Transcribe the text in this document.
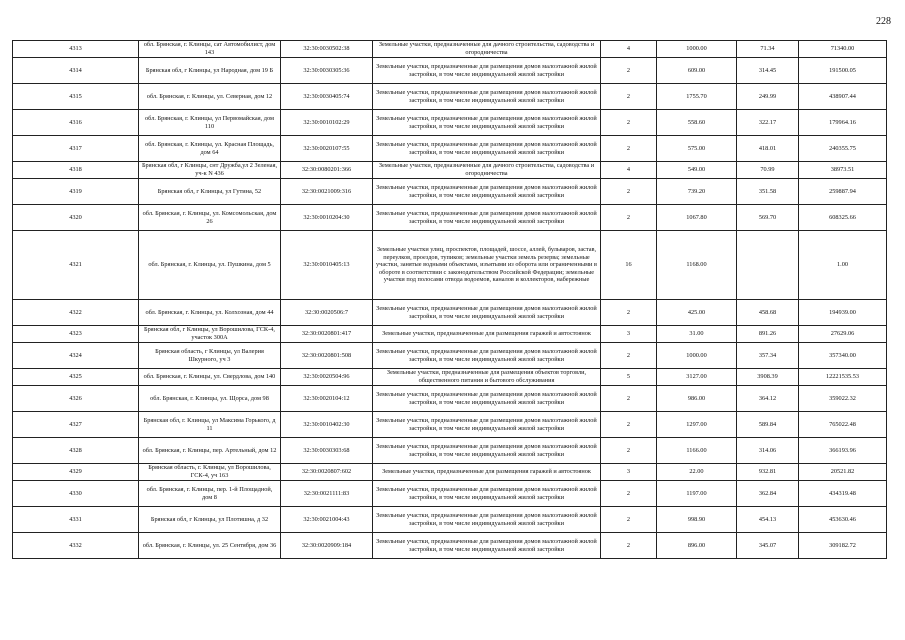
228
4313	обл. Брянская, г. Клинцы, сат Автомобилист, дом 143	32:30:0030502:38	Земельные участки, предназначенные для дачного строительства, садоводства и огородничества	4	1000.00	71.34	71340.00
4314	Брянская обл, г Клинцы, ул Народная, дом 19 Б	32:30:0030305:36	Земельные участки, предназначенные для размещения домов малоэтажной жилой застройки, в том числе индивидуальной жилой застройки	2	609.00	314.45	191500.05
4315	обл. Брянская, г. Клинцы, ул. Северная, дом 12	32:30:0030405:74	Земельные участки, предназначенные для размещения домов малоэтажной жилой застройки, в том числе индивидуальной жилой застройки	2	1755.70	249.99	438907.44
4316	обл. Брянская, г. Клинцы, ул Первомайская, дом 110	32:30:0010102:29	Земельные участки, предназначенные для размещения домов малоэтажной жилой застройки, в том числе индивидуальной жилой застройки	2	558.60	322.17	179964.16
4317	обл. Брянская, г. Клинцы, ул. Красная Площадь, дом 64	32:30:0020107:55	Земельные участки, предназначенные для размещения домов малоэтажной жилой застройки, в том числе индивидуальной жилой застройки	2	575.00	418.01	240355.75
4318	Брянская обл, г Клинцы, снт Дружба,ул 2 Зеленая, уч-к N 436	32:30:0080201:366	Земельные участки, предназначенные для дачного строительства, садоводства и огородничества	4	549.00	70.99	38973.51
4319	Брянская обл, г Клинцы, ул Гутина, 52	32:30:0021009:316	Земельные участки, предназначенные для размещения домов малоэтажной жилой застройки, в том числе индивидуальной жилой застройки	2	739.20	351.58	259887.94
4320	обл. Брянская, г. Клинцы, ул. Комсомольская, дом 26	32:30:0010204:30	Земельные участки, предназначенные для размещения домов малоэтажной жилой застройки, в том числе индивидуальной жилой застройки	2	1067.80	569.70	608325.66
4321	обл. Брянская, г. Клинцы, ул. Пушкина, дом 5	32:30:0010405:13	Земельные участки улиц, проспектов, площадей, шоссе, аллей, бульваров, застав, переулков, проездов, тупиков; земельные участки земель резерва; земельные участки, занятые водными объектами, изъятыми из оборота или ограниченными в обороте в соответствии с законодательством Российской Федерации; земельные участки под полосами отвода водоемов, каналов и коллекторов, набережные	16	1168.00		1.00
4322	обл. Брянская, г. Клинцы, ул. Колхозная, дом 44	32:30:0020506:7	Земельные участки, предназначенные для размещения домов малоэтажной жилой застройки, в том числе индивидуальной жилой застройки	2	425.00	458.68	194939.00
4323	Брянская обл, г Клинцы, ул Ворошилова, ГСК-4, участок 300А	32:30:0020801:417	Земельные участки, предназначенные для размещения гаражей и автостоянок	3	31.00	891.26	27629.06
4324	Брянская область, г Клинцы, ул Валерия Шкурного, уч 3	32:30:0020801:508	Земельные участки, предназначенные для размещения домов малоэтажной жилой застройки, в том числе индивидуальной жилой застройки	2	1000.00	357.34	357340.00
4325	обл. Брянская, г. Клинцы, ул. Свердлова, дом 140	32:30:0020504:96	Земельные участки, предназначенные для размещения объектов торговли, общественного питания и бытового обслуживания	5	3127.00	3908.39	12221535.53
4326	обл. Брянская, г. Клинцы, ул. Щорса, дом 98	32:30:0020104:12	Земельные участки, предназначенные для размещения домов малоэтажной жилой застройки, в том числе индивидуальной жилой застройки	2	986.00	364.12	359022.32
4327	Брянская обл, г. Клинцы, ул Максима Горького, д 11	32:30:0010402:30	Земельные участки, предназначенные для размещения домов малоэтажной жилой застройки, в том числе индивидуальной жилой застройки	2	1297.00	589.84	765022.48
4328	обл. Брянская, г. Клинцы, пер. Артельный, дом 12	32:30:0030303:68	Земельные участки, предназначенные для размещения домов малоэтажной жилой застройки, в том числе индивидуальной жилой застройки	2	1166.00	314.06	366193.96
4329	Брянская область, г. Клинцы, ул Ворошилова, ГСК-4, уч 163	32:30:0020807:602	Земельные участки, предназначенные для размещения гаражей и автостоянок	3	22.00	932.81	20521.82
4330	обл. Брянская, г. Клинцы, пер. 1-й Площадной, дом 8	32:30:0021111:83	Земельные участки, предназначенные для размещения домов малоэтажной жилой застройки, в том числе индивидуальной жилой застройки	2	1197.00	362.84	434319.48
4331	Брянская обл, г Клинцы, ул Плотишна, д 32	32:30:0021004:43	Земельные участки, предназначенные для размещения домов малоэтажной жилой застройки, в том числе индивидуальной жилой застройки	2	998.90	454.13	453630.46
4332	обл. Брянская, г. Клинцы, ул. 25 Сентября, дом 36	32:30:0020909:184	Земельные участки, предназначенные для размещения домов малоэтажной жилой застройки, в том числе индивидуальной жилой застройки	2	896.00	345.07	309182.72
